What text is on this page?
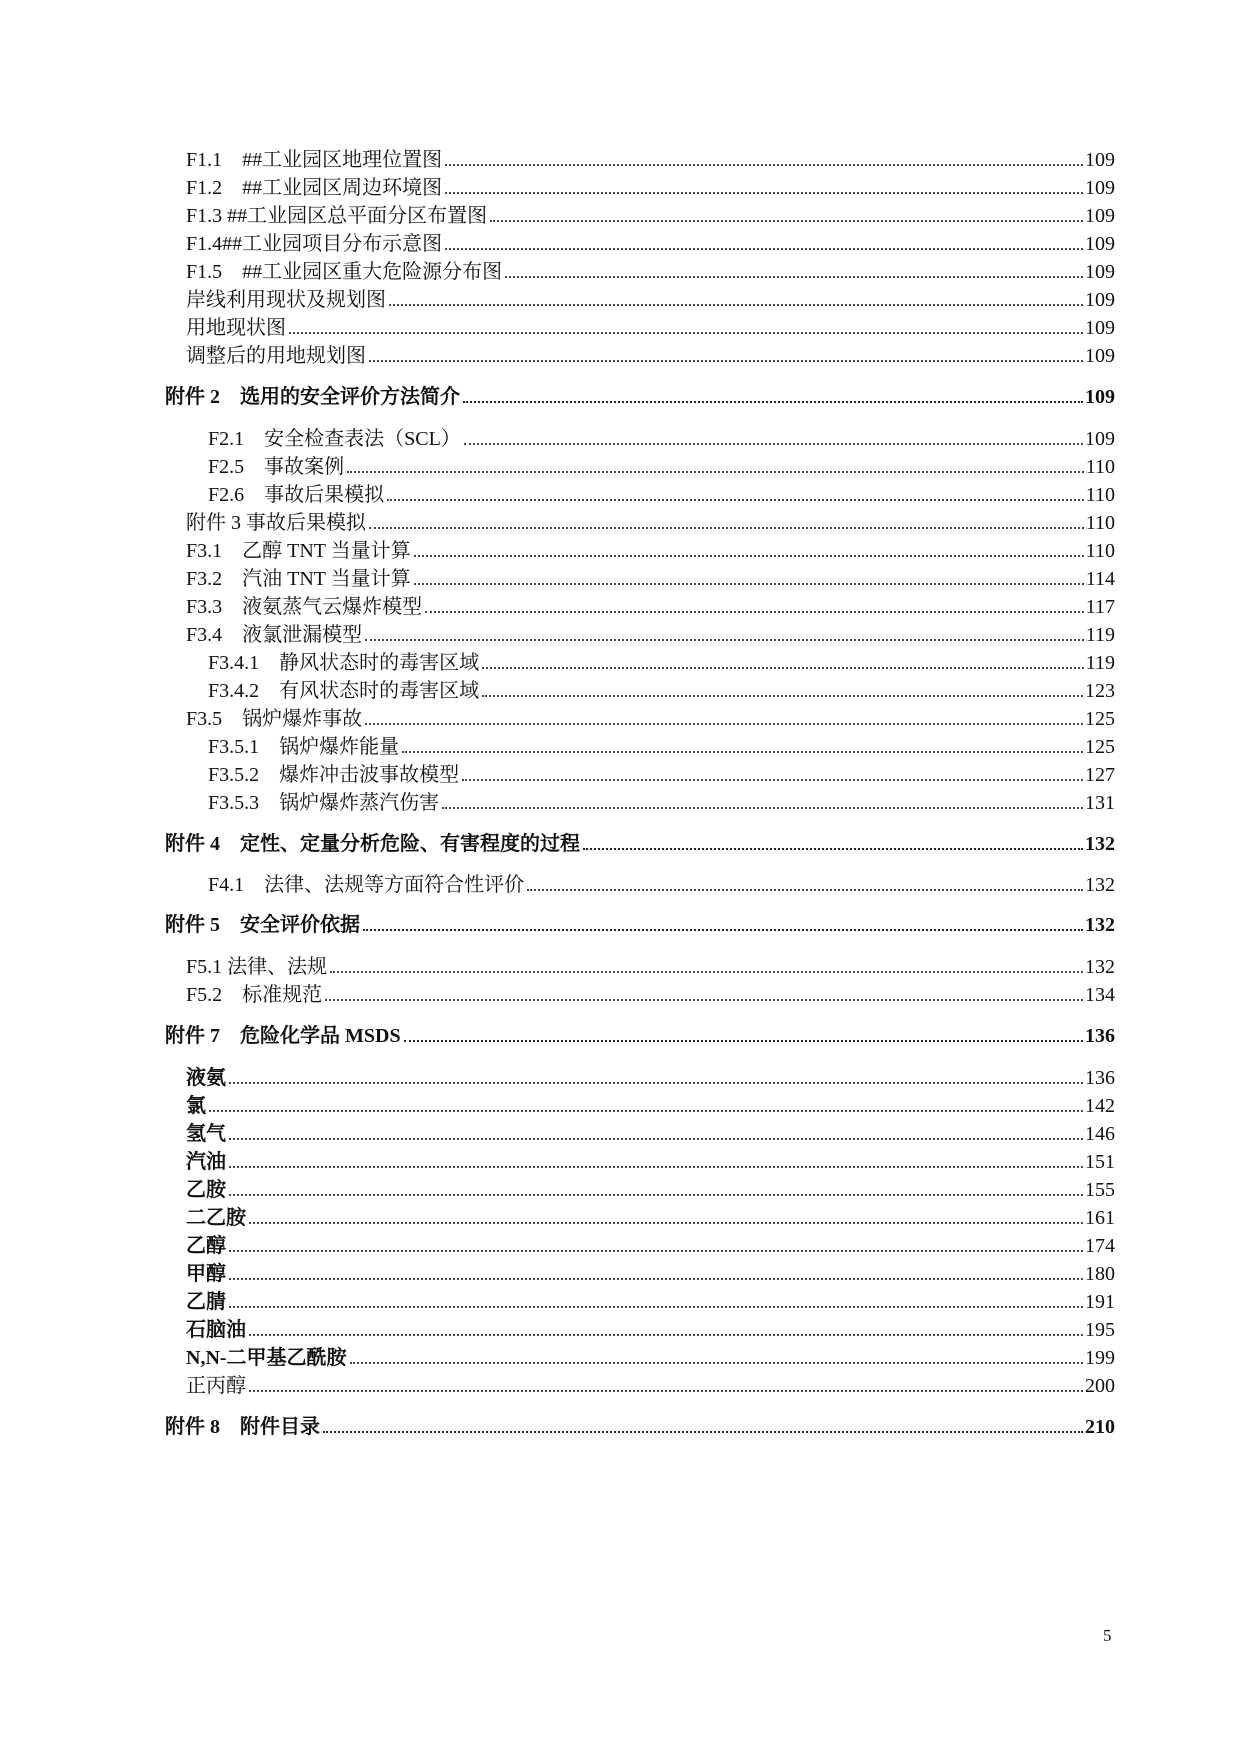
F1.1　##工业园区地理位置图	109
F1.2　##工业园区周边环境图	109
F1.3 ##工业园区总平面分区布置图	109
F1.4##工业园项目分布示意图	109
F1.5　##工业园区重大危险源分布图	109
岸线利用现状及规划图	109
用地现状图	109
调整后的用地规划图	109
附件 2　选用的安全评价方法简介	109
F2.1　安全检查表法（SCL）	109
F2.5　事故案例	110
F2.6　事故后果模拟	110
附件 3 事故后果模拟	110
F3.1　乙醇 TNT 当量计算	110
F3.2　汽油 TNT 当量计算	114
F3.3　液氨蒸气云爆炸模型	117
F3.4　液氯泄漏模型	119
F3.4.1　静风状态时的毒害区域	119
F3.4.2　有风状态时的毒害区域	123
F3.5　锅炉爆炸事故	125
F3.5.1　锅炉爆炸能量	125
F3.5.2　爆炸冲击波事故模型	127
F3.5.3　锅炉爆炸蒸汽伤害	131
附件 4　定性、定量分析危险、有害程度的过程	132
F4.1　法律、法规等方面符合性评价	132
附件 5　安全评价依据	132
F5.1 法律、法规	132
F5.2　标准规范	134
附件 7　危险化学品 MSDS	136
液氨	136
氯	142
氢气	146
汽油	151
乙胺	155
二乙胺	161
乙醇	174
甲醇	180
乙腈	191
石脑油	195
N,N-二甲基乙酰胺	199
正丙醇	200
附件 8　附件目录	210
5
